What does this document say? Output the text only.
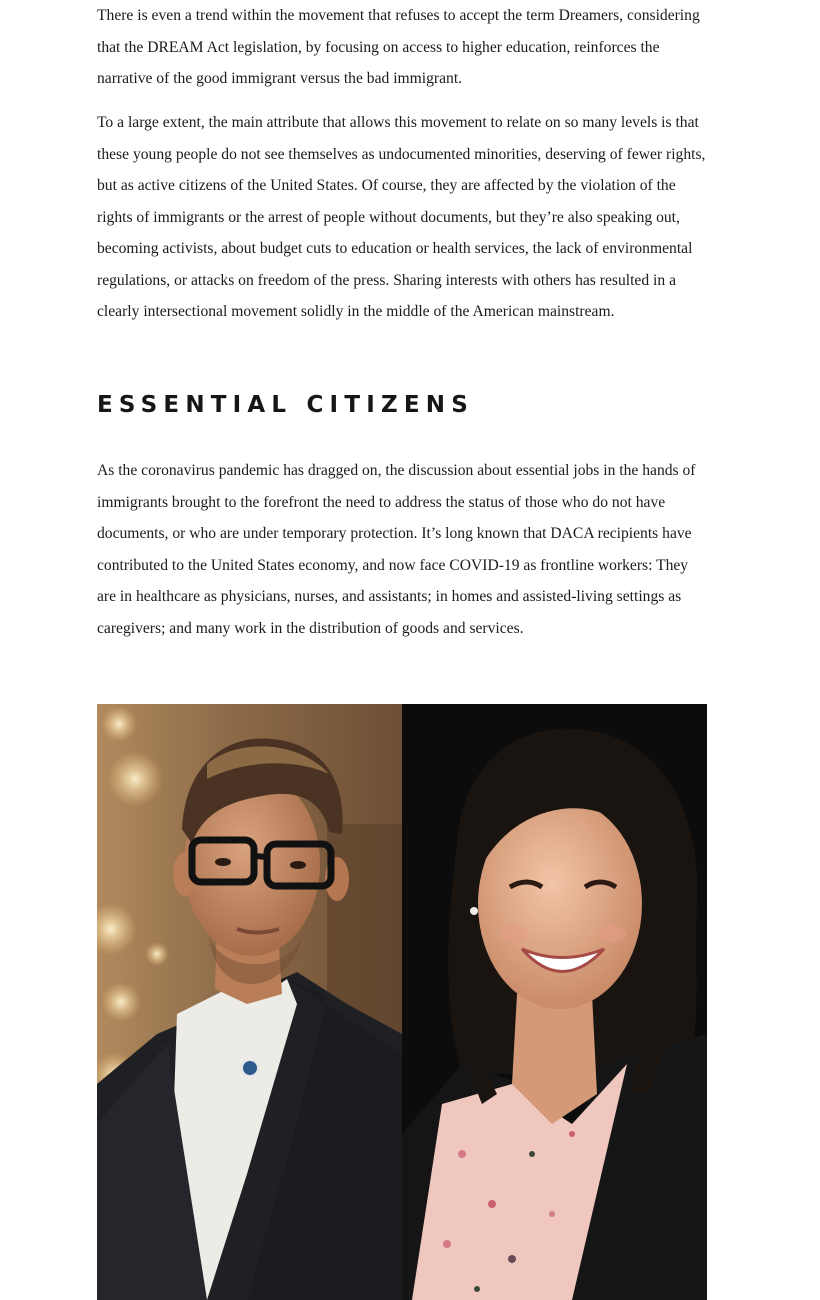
There is even a trend within the movement that refuses to accept the term Dreamers, considering that the DREAM Act legislation, by focusing on access to higher education, reinforces the narrative of the good immigrant versus the bad immigrant.

To a large extent, the main attribute that allows this movement to relate on so many levels is that these young people do not see themselves as undocumented minorities, deserving of fewer rights, but as active citizens of the United States. Of course, they are affected by the violation of the rights of immigrants or the arrest of people without documents, but they’re also speaking out, becoming activists, about budget cuts to education or health services, the lack of environmental regulations, or attacks on freedom of the press. Sharing interests with others has resulted in a clearly intersectional movement solidly in the middle of the American mainstream.

ESSENTIAL CITIZENS

As the coronavirus pandemic has dragged on, the discussion about essential jobs in the hands of immigrants brought to the forefront the need to address the status of those who do not have documents, or who are under temporary protection. It’s long known that DACA recipients have contributed to the United States economy, and now face COVID-19 as frontline workers: They are in healthcare as physicians, nurses, and assistants; in homes and assisted-living settings as caregivers; and many work in the distribution of goods and services.
